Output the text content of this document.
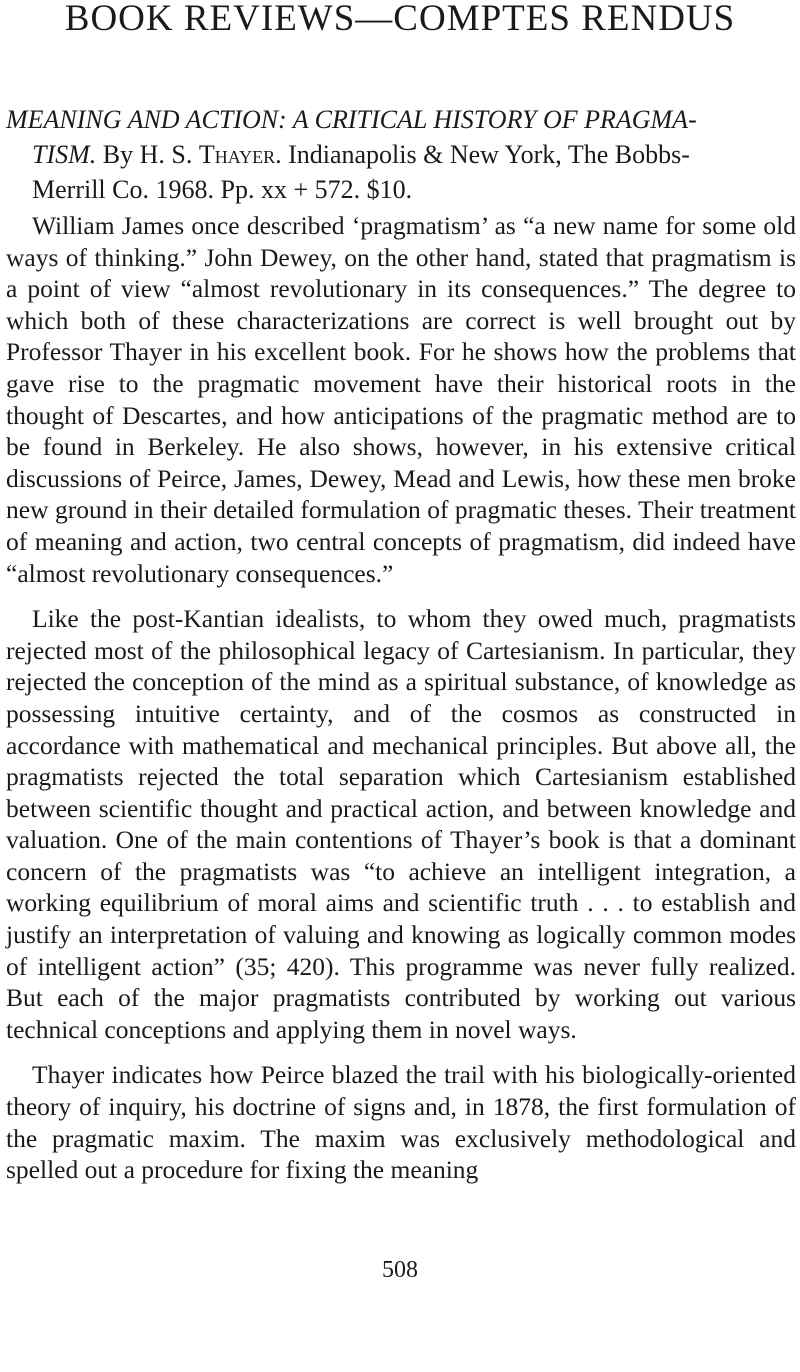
BOOK REVIEWS—COMPTES RENDUS
MEANING AND ACTION: A CRITICAL HISTORY OF PRAGMA-
TISM. By H. S. Thayer. Indianapolis & New York, The Bobbs-
Merrill Co. 1968. Pp. xx + 572. $10.

William James once described ‘pragmatism’ as “a new name for some old ways of thinking.” John Dewey, on the other hand, stated that pragmatism is a point of view “almost revolutionary in its consequences.” The degree to which both of these characterizations are correct is well brought out by Professor Thayer in his excellent book. For he shows how the problems that gave rise to the pragmatic movement have their historical roots in the thought of Descartes, and how anticipations of the pragmatic method are to be found in Berkeley. He also shows, however, in his extensive critical discussions of Peirce, James, Dewey, Mead and Lewis, how these men broke new ground in their detailed formulation of pragmatic theses. Their treatment of meaning and action, two central concepts of pragmatism, did indeed have “almost revolutionary consequences.”

Like the post-Kantian idealists, to whom they owed much, pragmatists rejected most of the philosophical legacy of Cartesianism. In particular, they rejected the conception of the mind as a spiritual substance, of knowledge as possessing intuitive certainty, and of the cosmos as constructed in accordance with mathematical and mechanical principles. But above all, the pragmatists rejected the total separation which Cartesianism established between scientific thought and practical action, and between knowledge and valuation. One of the main contentions of Thayer’s book is that a dominant concern of the pragmatists was “to achieve an intelligent integration, a working equilibrium of moral aims and scientific truth . . . to establish and justify an interpretation of valuing and knowing as logically common modes of intelligent action” (35; 420). This programme was never fully realized. But each of the major pragmatists contributed by working out various technical conceptions and applying them in novel ways.

Thayer indicates how Peirce blazed the trail with his biologically-oriented theory of inquiry, his doctrine of signs and, in 1878, the first formulation of the pragmatic maxim. The maxim was exclusively methodological and spelled out a procedure for fixing the meaning

508
